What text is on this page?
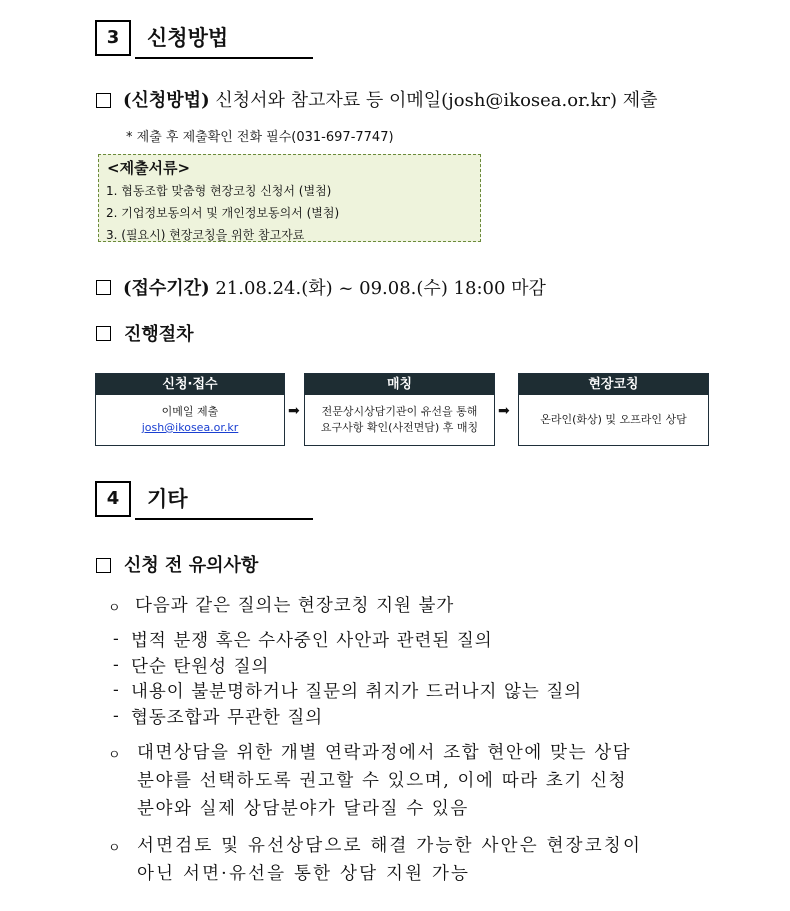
3	신청방법
(신청방법) 신청서와 참고자료 등 이메일(josh@ikosea.or.kr) 제출
* 제출 후 제출확인 전화 필수(031-697-7747)
<제출서류>
1. 협동조합 맞춤형 현장코칭 신청서 (별첨)
2. 기업정보동의서 및 개인정보동의서 (별첨)
3. (필요시) 현장코칭을 위한 참고자료
(접수기간) 21.08.24.(화) ~ 09.08.(수) 18:00 마감
진행절차
신청·접수
이메일 제출
josh@ikosea.or.kr
➡
매칭
전문상시상담기관이 유선을 통해
요구사항 확인(사전면담) 후 매칭
➡
현장코칭
온라인(화상) 및 오프라인 상담
4	기타
신청 전 유의사항
ㅇ 다음과 같은 질의는 현장코칭 지원 불가
- 법적 분쟁 혹은 수사중인 사안과 관련된 질의
- 단순 탄원성 질의
- 내용이 불분명하거나 질문의 취지가 드러나지 않는 질의
- 협동조합과 무관한 질의
ㅇ 대면상담을 위한 개별 연락과정에서 조합 현안에 맞는 상담
분야를 선택하도록 권고할 수 있으며, 이에 따라 초기 신청
분야와 실제 상담분야가 달라질 수 있음
ㅇ 서면검토 및 유선상담으로 해결 가능한 사안은 현장코칭이
아닌 서면·유선을 통한 상담 지원 가능
